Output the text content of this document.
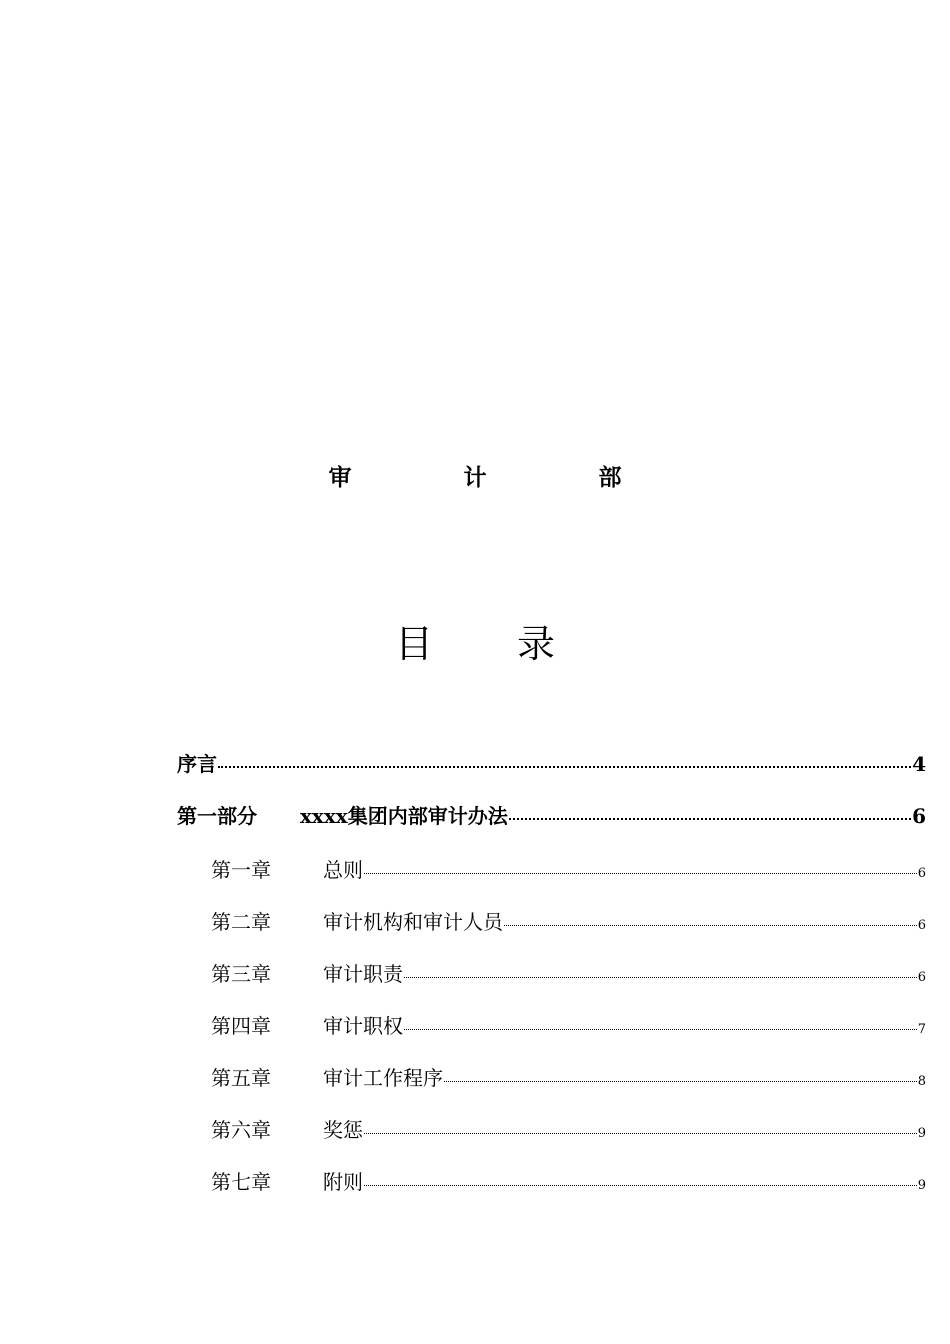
审 计 部
目 录
序言	4
第一部分	xxxx集团内部审计办法	6
第一章	总则	6
第二章	审计机构和审计人员	6
第三章	审计职责	6
第四章	审计职权	7
第五章	审计工作程序	8
第六章	奖惩	9
第七章	附则	9
